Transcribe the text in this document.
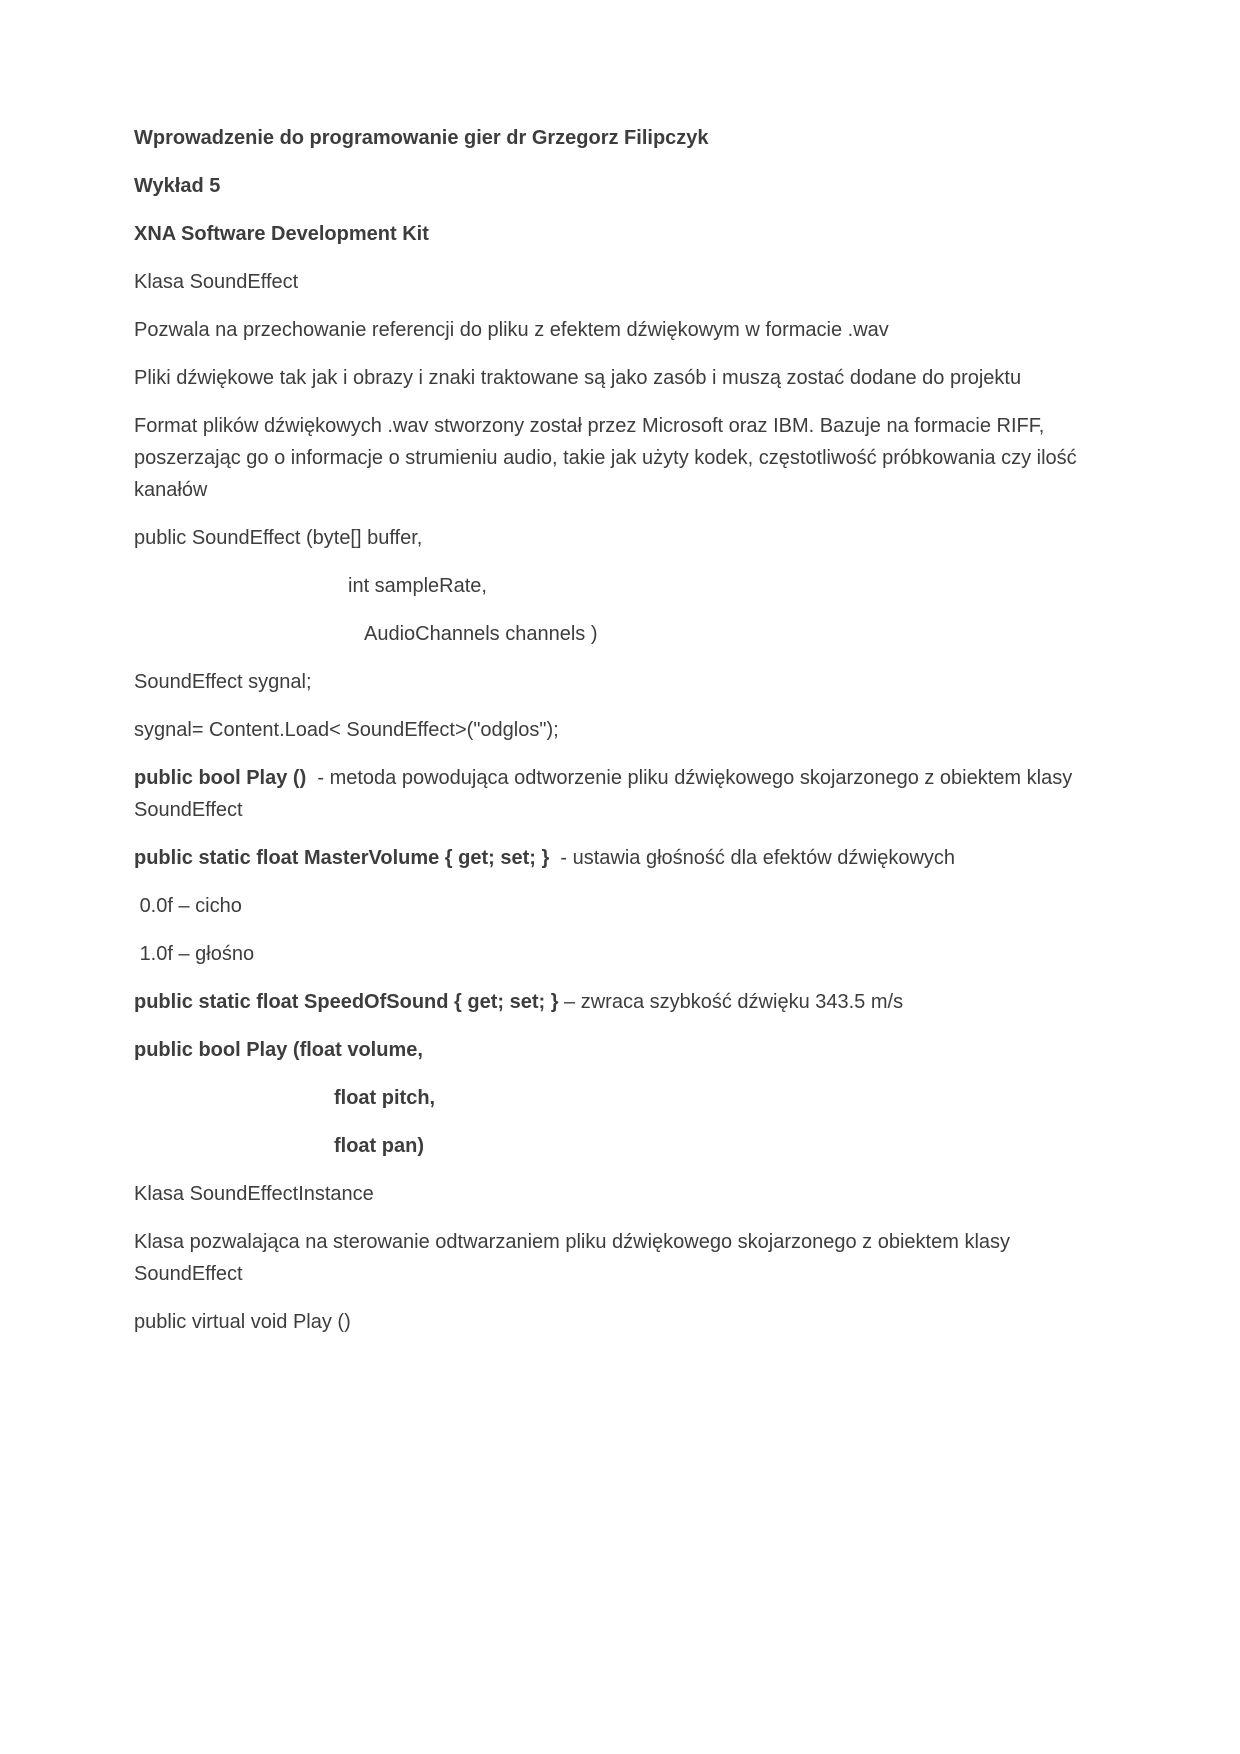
Wprowadzenie do programowanie gier dr Grzegorz Filipczyk

Wykład 5

XNA Software Development Kit

Klasa SoundEffect

Pozwala na przechowanie referencji do pliku z efektem dźwiękowym w formacie .wav

Pliki dźwiękowe tak jak i obrazy i znaki traktowane są jako zasób i muszą zostać dodane do projektu

Format plików dźwiękowych .wav stworzony został przez Microsoft oraz IBM. Bazuje na formacie RIFF, poszerzając go o informacje o strumieniu audio, takie jak użyty kodek, częstotliwość próbkowania czy ilość kanałów

public SoundEffect (byte[] buffer,

int sampleRate,

AudioChannels channels )

SoundEffect sygnal;

sygnal= Content.Load< SoundEffect>("odglos");

public bool Play ()  - metoda powodująca odtworzenie pliku dźwiękowego skojarzonego z obiektem klasy SoundEffect

public static float MasterVolume { get; set; }  - ustawia głośność dla efektów dźwiękowych

0.0f – cicho

1.0f – głośno

public static float SpeedOfSound { get; set; } – zwraca szybkość dźwięku 343.5 m/s

public bool Play (float volume,

float pitch,

float pan)

Klasa SoundEffectInstance

Klasa pozwalająca na sterowanie odtwarzaniem pliku dźwiękowego skojarzonego z obiektem klasy SoundEffect

public virtual void Play ()
